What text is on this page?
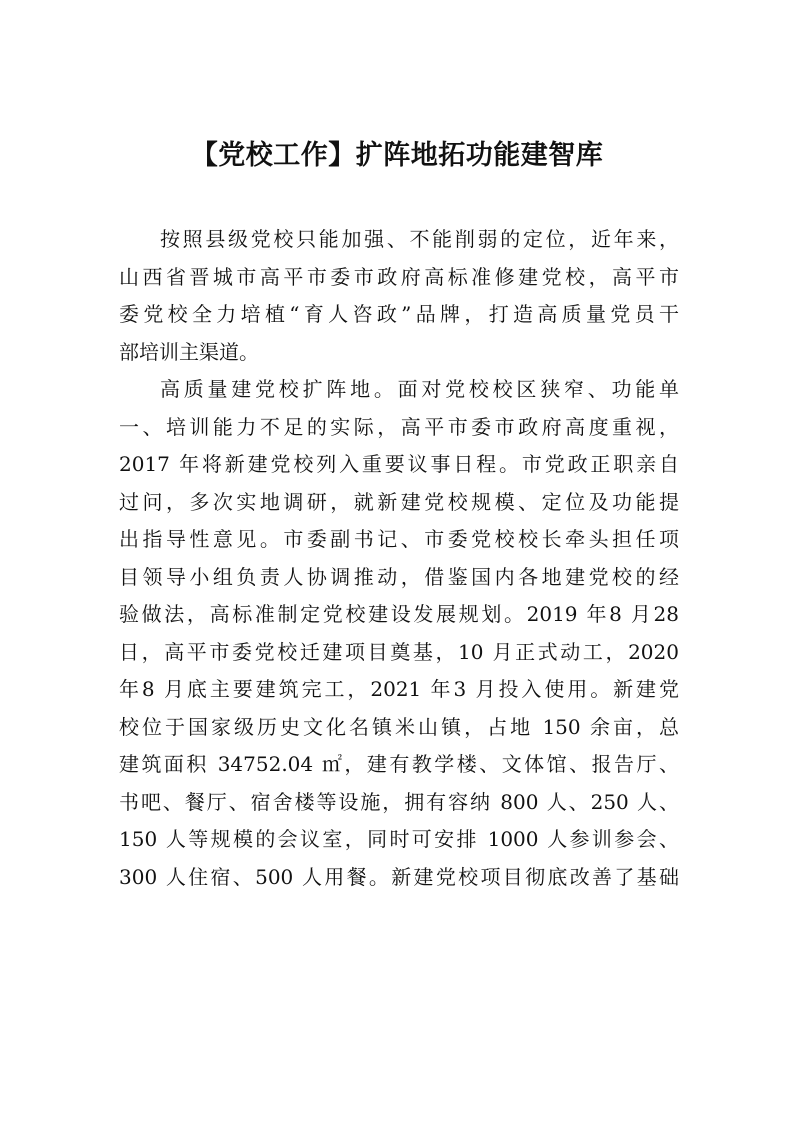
【党校工作】扩阵地拓功能建智库
按照县级党校只能加强、不能削弱的定位，近年来，
山西省晋城市高平市委市政府高标准修建党校，高平市
委党校全力培植“育人咨政”品牌，打造高质量党员干
部培训主渠道。
高质量建党校扩阵地。面对党校校区狭窄、功能单
一、培训能力不足的实际，高平市委市政府高度重视，
2017 年将新建党校列入重要议事日程。市党政正职亲自
过问，多次实地调研，就新建党校规模、定位及功能提
出指导性意见。市委副书记、市委党校校长牵头担任项
目领导小组负责人协调推动，借鉴国内各地建党校的经
验做法，高标准制定党校建设发展规划。2019 年8 月28
日，高平市委党校迁建项目奠基，10 月正式动工，2020
年8 月底主要建筑完工，2021 年3 月投入使用。新建党
校位于国家级历史文化名镇米山镇，占地 150 余亩，总
建筑面积 34752.04 ㎡，建有教学楼、文体馆、报告厅、
书吧、餐厅、宿舍楼等设施，拥有容纳 800 人、250 人、
150 人等规模的会议室，同时可安排 1000 人参训参会、
300 人住宿、500 人用餐。新建党校项目彻底改善了基础
